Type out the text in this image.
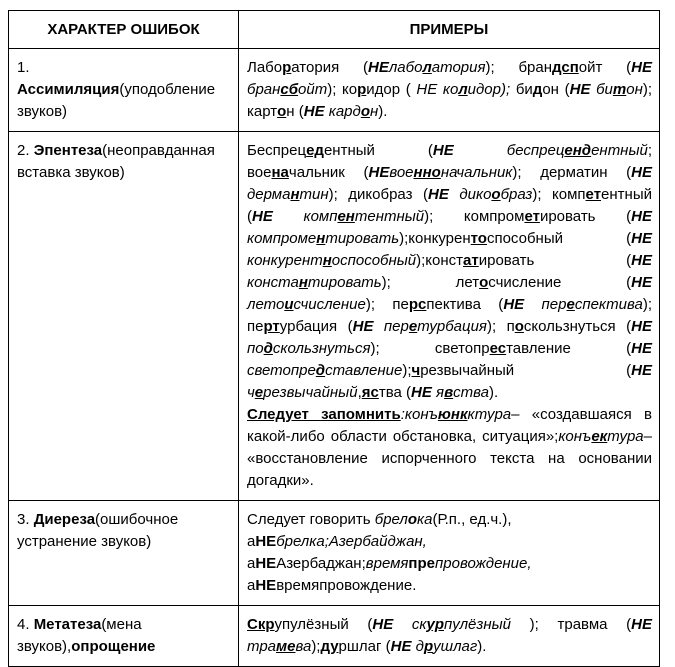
ХАРАКТЕР ОШИБОК	ПРИМЕРЫ
1.
Ассимиляция(уподобление звуков)	Лаборатория (НЕлаболатория); брандспойт (НЕ брансбойт); коридор ( НЕ колидор); бидон (НЕ битон); картон (НЕ кардон).
2. Эпентеза(неоправданная вставка звуков)	Беспрецедентный (НЕ беспрецендентный; военачальник (НЕвоенноначальник); дерматин (НЕ дермантин); дикобраз (НЕ дикообраз); компетентный (НЕ компентентный); компрометировать (НЕ компроментировать);конкурентоспособный (НЕ конкурентноспособный);констатировать (НЕ константировать); летосчисление (НЕ летоисчисление); перспектива (НЕ переспектива); пертурбация (НЕ перетурбация); поскользнуться (НЕ подскользнуться); светопреставление (НЕ светопредставление);чрезвычайный (НЕ черезвычайный,яства (НЕ явства).
Следует запомнить:конъюнкктура– «создавшаяся в какой-либо области обстановка, ситуация»;конъектура– «восстановление испорченного текста на основании догадки».
3. Диереза(ошибочное устранение звуков)	Следует говорить брелока(Р.п., ед.ч.),
аНЕбрелка;Азербайджан,
аНЕАзербаджан;времяпрепровождение,
аНЕвремяпровождение.
4. Метатеза(мена звуков),опрощение	Скрупулёзный (НЕ скурпулёзный ); травма (НЕ трамева);дуршлаг (НЕ друшлаг).
